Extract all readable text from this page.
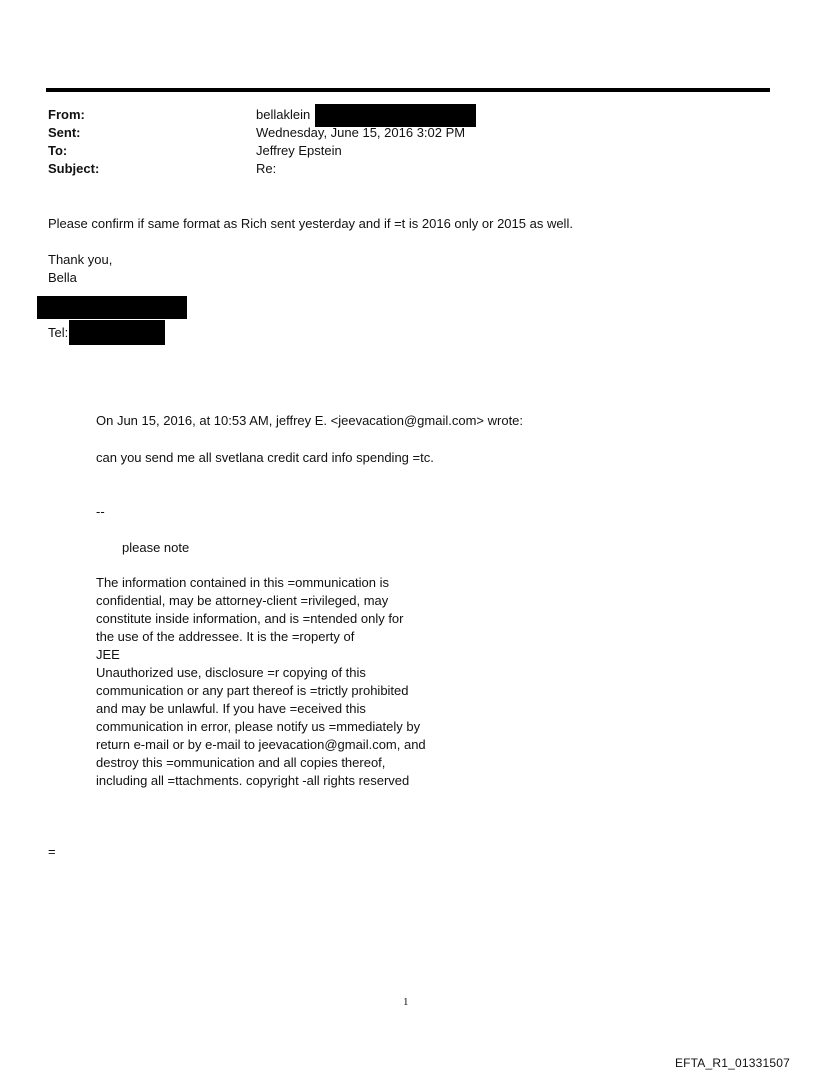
From:	bellaklein
Sent:	Wednesday, June 15, 2016 3:02 PM
To:	Jeffrey Epstein
Subject:	Re:
Please confirm if same format as Rich sent yesterday and if =t is 2016 only or 2015 as well.
Thank you,
Bella
Tel:
On Jun 15, 2016, at 10:53 AM, jeffrey E. <jeevacation@gmail.com> wrote:
can you send me all svetlana credit card info spending =tc.
--
please note
The information contained in this =ommunication is
confidential, may be attorney-client =rivileged, may
constitute inside information, and is =ntended only for
the use of the addressee. It is the =roperty of
JEE
Unauthorized use, disclosure =r copying of this
communication or any part thereof is =trictly prohibited
and may be unlawful. If you have =eceived this
communication in error, please notify us =mmediately by
return e-mail or by e-mail to jeevacation@gmail.com, and
destroy this =ommunication and all copies thereof,
including all =ttachments. copyright -all rights reserved
=
1
EFTA_R1_01331507
